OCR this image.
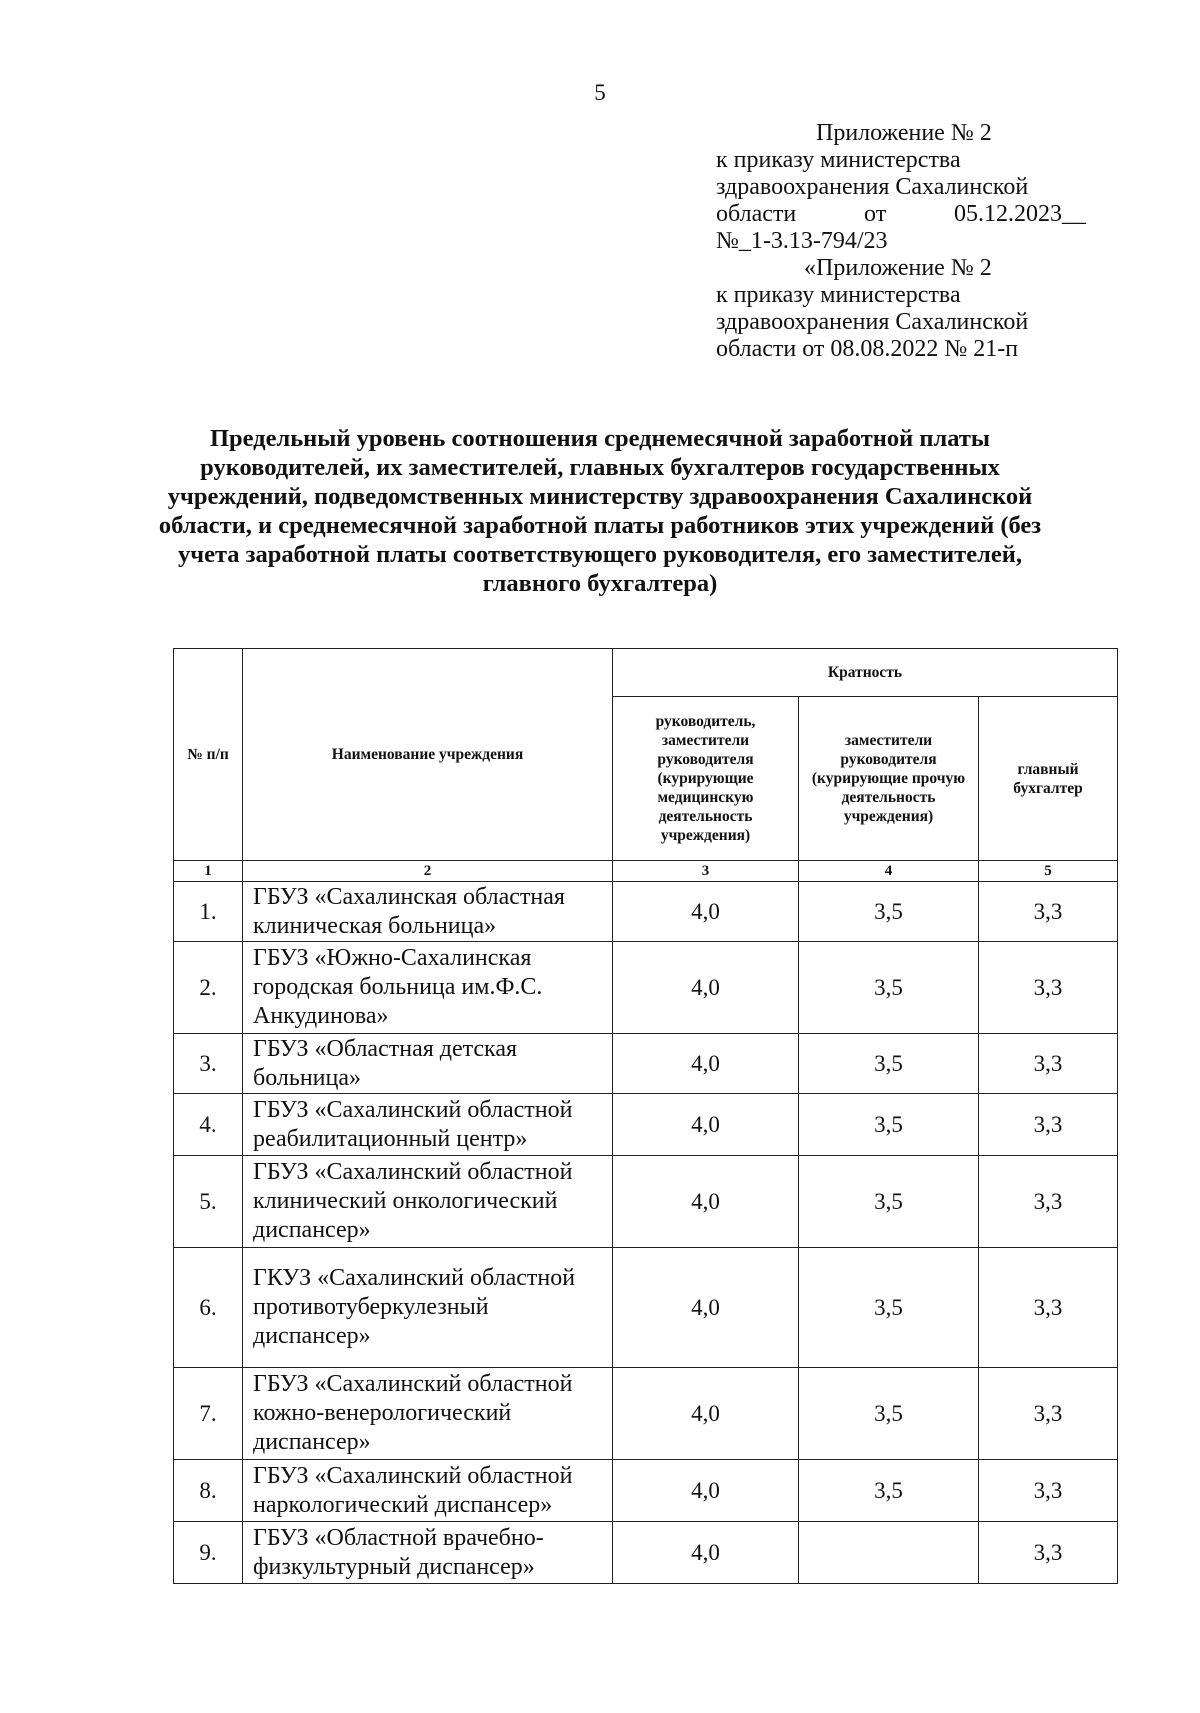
5
Приложение № 2
к приказу министерства
здравоохранения Сахалинской
области	от	05.12.2023__
№_1-3.13-794/23
«Приложение № 2
к приказу министерства
здравоохранения Сахалинской
области от 08.08.2022 № 21-п
Предельный уровень соотношения среднемесячной заработной платы руководителей, их заместителей, главных бухгалтеров государственных учреждений, подведомственных министерству здравоохранения Сахалинской области, и среднемесячной заработной платы работников этих учреждений (без учета заработной платы соответствующего руководителя, его заместителей, главного бухгалтера)
№ п/п	Наименование учреждения	Кратность		
		руководитель, заместители руководителя (курирующие медицинскую деятельность учреждения)	заместители руководителя (курирующие прочую деятельность учреждения)	главный бухгалтер
1	2	3	4	5
1.	ГБУЗ «Сахалинская областная клиническая больница»	4,0	3,5	3,3
2.	ГБУЗ «Южно-Сахалинская городская больница им.Ф.С. Анкудинова»	4,0	3,5	3,3
3.	ГБУЗ «Областная детская больница»	4,0	3,5	3,3
4.	ГБУЗ «Сахалинский областной реабилитационный центр»	4,0	3,5	3,3
5.	ГБУЗ «Сахалинский областной клинический онкологический диспансер»	4,0	3,5	3,3
6.	ГКУЗ «Сахалинский областной противотуберкулезный диспансер»	4,0	3,5	3,3
7.	ГБУЗ «Сахалинский областной кожно-венерологический диспансер»	4,0	3,5	3,3
8.	ГБУЗ «Сахалинский областной наркологический диспансер»	4,0	3,5	3,3
9.	ГБУЗ «Областной врачебно-физкультурный диспансер»	4,0		3,3
